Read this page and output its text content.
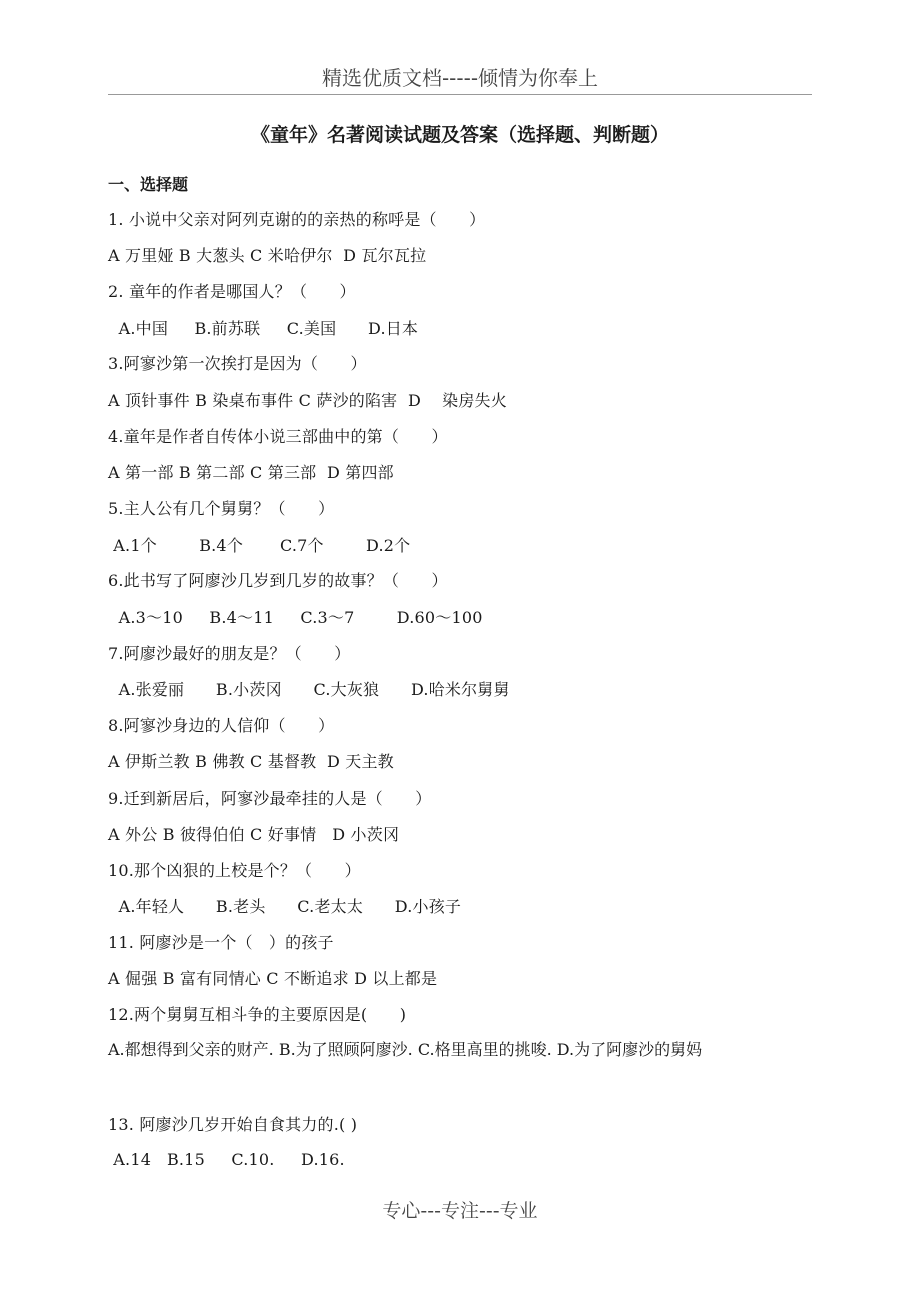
精选优质文档-----倾情为你奉上
《童年》名著阅读试题及答案（选择题、判断题）
一、选择题
1. 小说中父亲对阿列克谢的的亲热的称呼是（　　）
A 万里娅 B 大葱头 C 米哈伊尔  D 瓦尔瓦拉
2. 童年的作者是哪国人？（　　）
A.中国     B.前苏联     C.美国      D.日本
3.阿寥沙第一次挨打是因为（　　）
A 顶针事件 B 染桌布事件 C 萨沙的陷害  D    染房失火
4.童年是作者自传体小说三部曲中的第（　　）
A 第一部 B 第二部 C 第三部  D 第四部
5.主人公有几个舅舅？（　　）
A.1个        B.4个       C.7个        D.2个
6.此书写了阿廖沙几岁到几岁的故事？（　　）
A.3～10     B.4～11     C.3～7        D.60～100
7.阿廖沙最好的朋友是？（　　）
A.张爱丽      B.小茨冈      C.大灰狼      D.哈米尔舅舅
8.阿寥沙身边的人信仰（　　）
A 伊斯兰教 B 佛教 C 基督教  D 天主教
9.迁到新居后，阿寥沙最牵挂的人是（　　）
A 外公 B 彼得伯伯 C 好事情   D 小茨冈
10.那个凶狠的上校是个？（　　）
A.年轻人      B.老头      C.老太太      D.小孩子
11. 阿廖沙是一个（　）的孩子
A 倔强 B 富有同情心 C 不断追求 D 以上都是
12.两个舅舅互相斗争的主要原因是(　　)
A.都想得到父亲的财产. B.为了照顾阿廖沙. C.格里高里的挑唆. D.为了阿廖沙的舅妈
13. 阿廖沙几岁开始自食其力的.( )
A.14   B.15     C.10.     D.16.
专心---专注---专业
